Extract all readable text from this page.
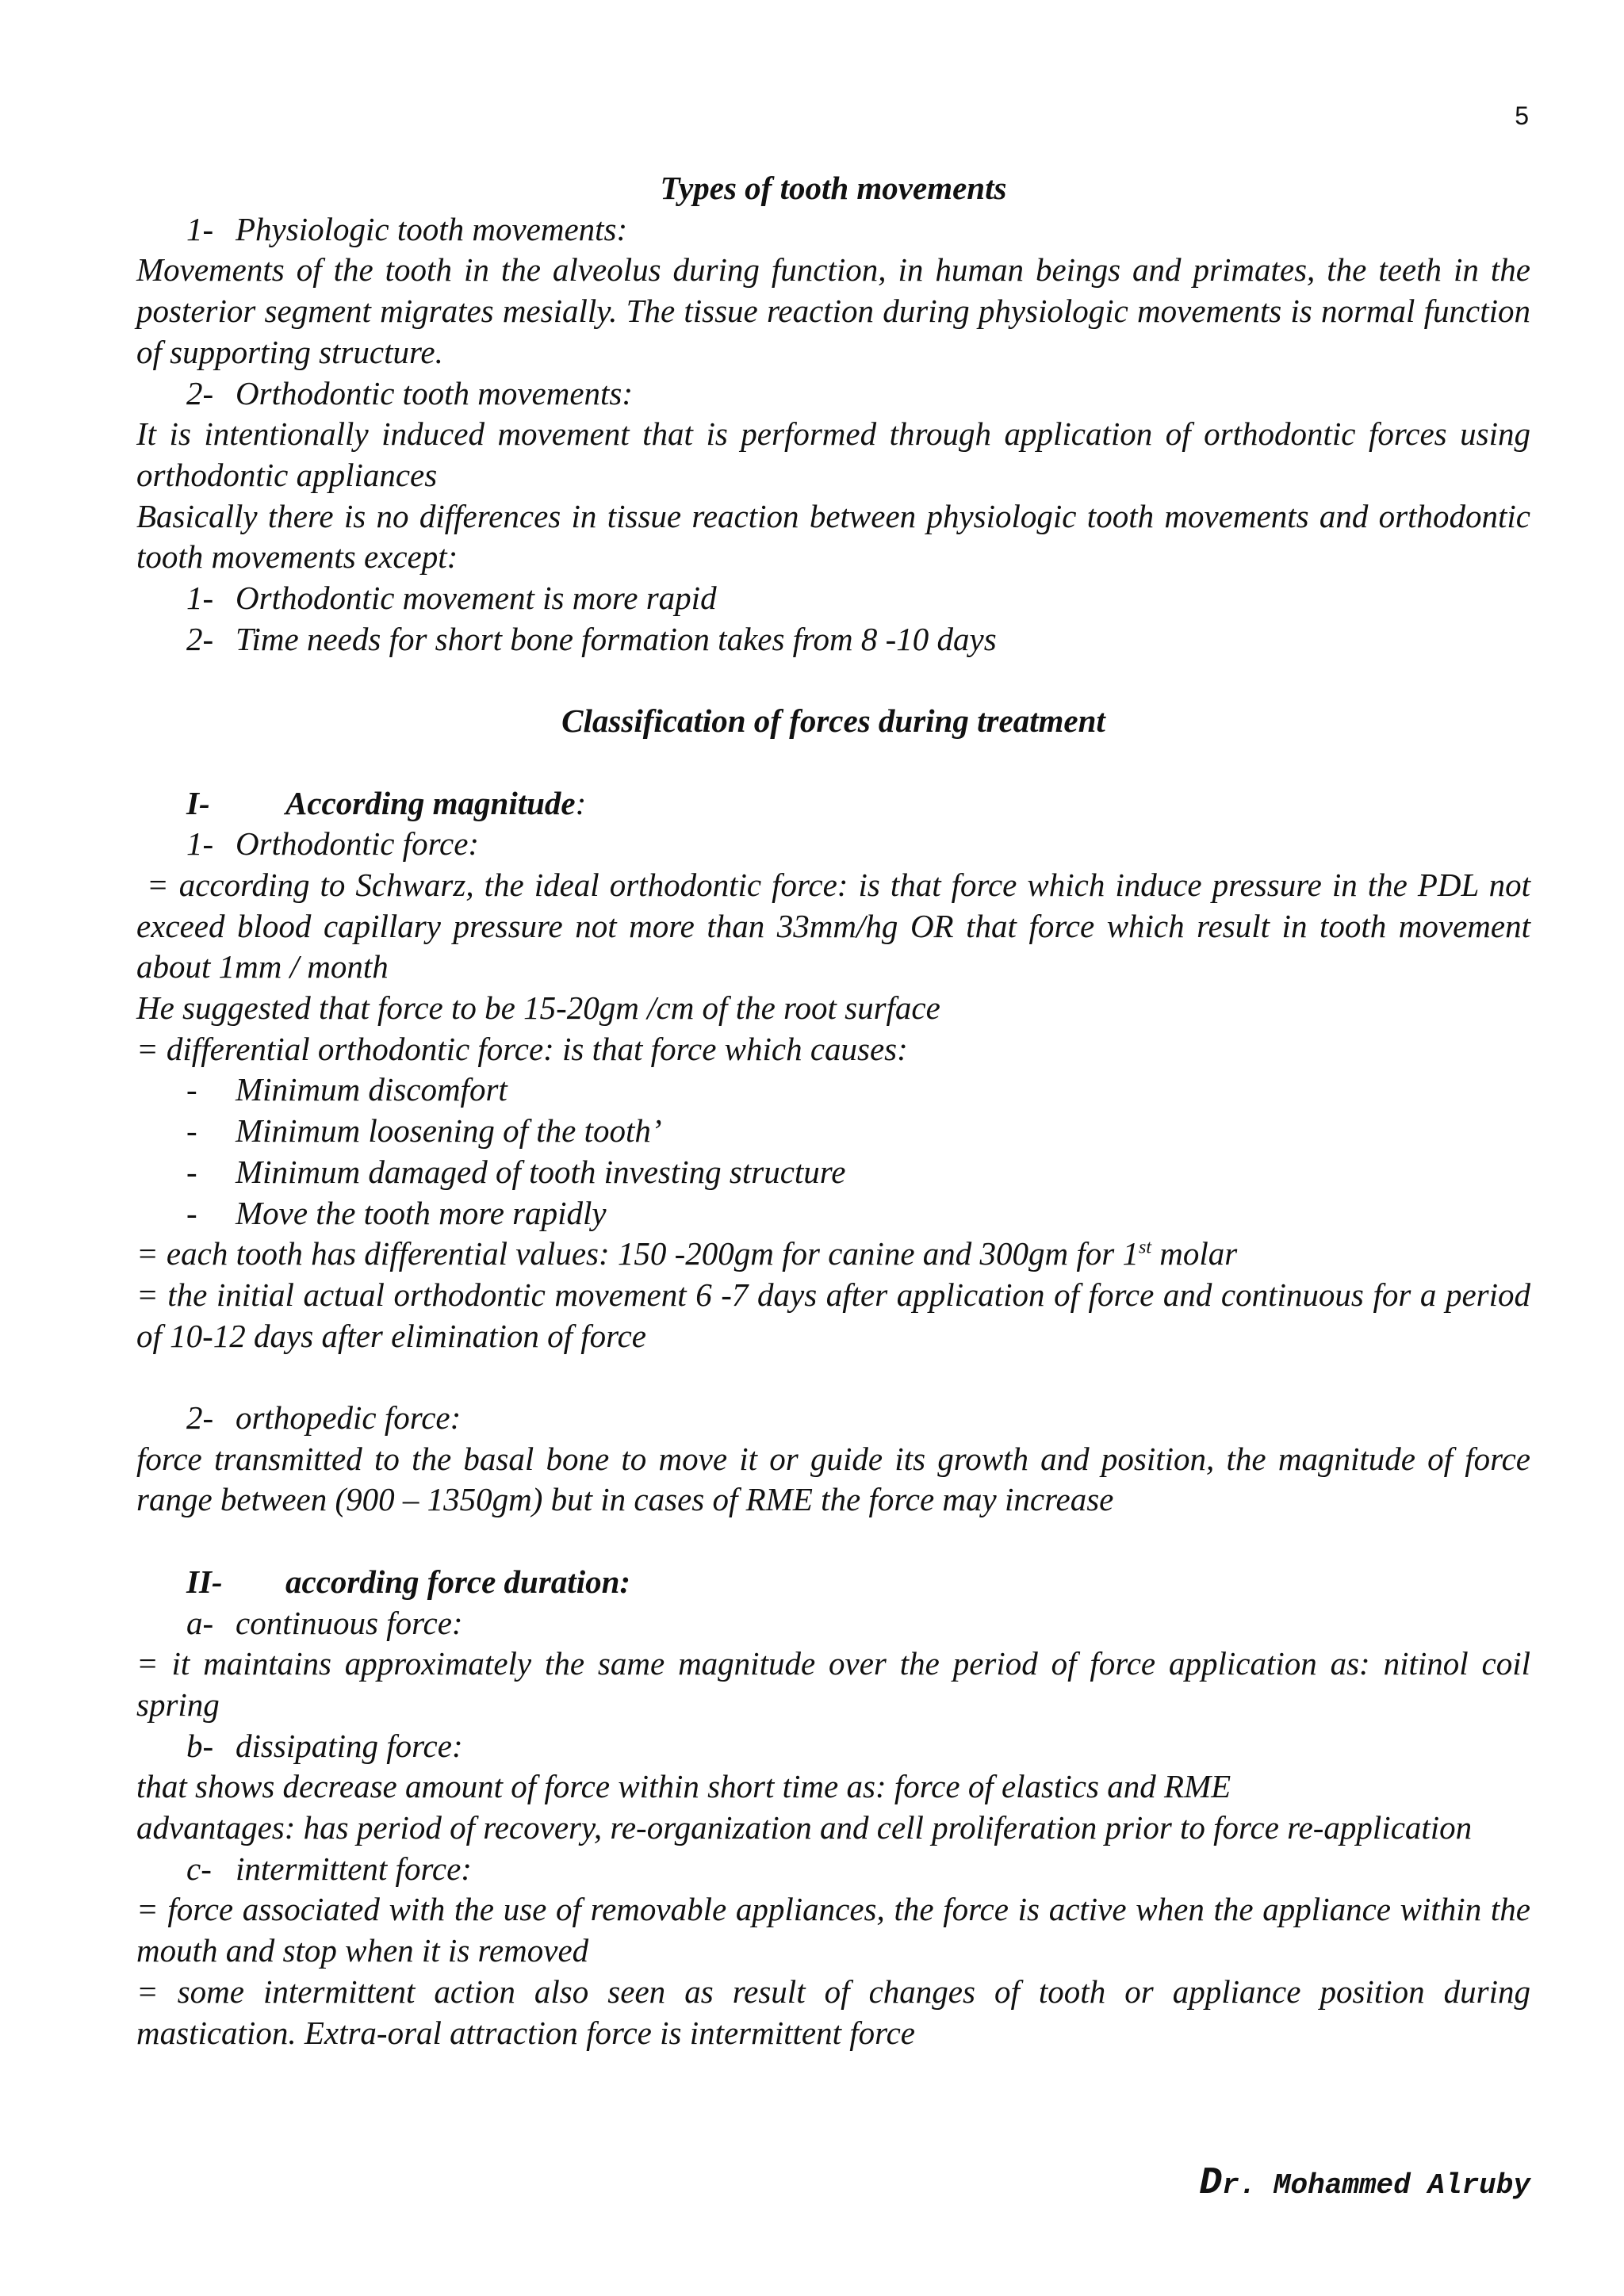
5

Types of tooth movements

1- Physiologic tooth movements:

Movements of the tooth in the alveolus during function, in human beings and primates, the teeth in the posterior segment migrates mesially. The tissue reaction during physiologic movements is normal function of supporting structure.

2- Orthodontic tooth movements:

It is intentionally induced movement that is performed through application of orthodontic forces using orthodontic appliances

Basically there is no differences in tissue reaction between physiologic tooth movements and orthodontic tooth movements except:

1- Orthodontic movement is more rapid
2- Time needs for short bone formation takes from 8 -10 days

Classification of forces during treatment

I-	According magnitude:
1- Orthodontic force:

= according to Schwarz, the ideal orthodontic force: is that force which induce pressure in the PDL not exceed blood capillary pressure not more than 33mm/hg OR that force which result in tooth movement about 1mm / month

He suggested that force to be 15-20gm /cm of the root surface

= differential orthodontic force: is that force which causes:

-	Minimum discomfort
-	Minimum loosening of the tooth’
-	Minimum damaged of tooth investing structure
-	Move the tooth more rapidly

= each tooth has differential values: 150 -200gm for canine and 300gm for 1st molar

= the initial actual orthodontic movement 6 -7 days after application of force and continuous for a period of 10-12 days after elimination of force

2- orthopedic force:

force transmitted to the basal bone to move it or guide its growth and position, the magnitude of force range between (900 – 1350gm) but in cases of RME the force may increase

II-	according force duration:
a- continuous force:

= it maintains approximately the same magnitude over the period of force application as: nitinol coil spring

b- dissipating force:

that shows decrease amount of force within short time as: force of elastics and RME

advantages: has period of recovery, re-organization and cell proliferation prior to force re-application

c- intermittent force:

= force associated with the use of removable appliances, the force is active when the appliance within the mouth and stop when it is removed

= some intermittent action also seen as result of changes of tooth or appliance position during mastication. Extra-oral attraction force is intermittent force

Dr. Mohammed Alruby
